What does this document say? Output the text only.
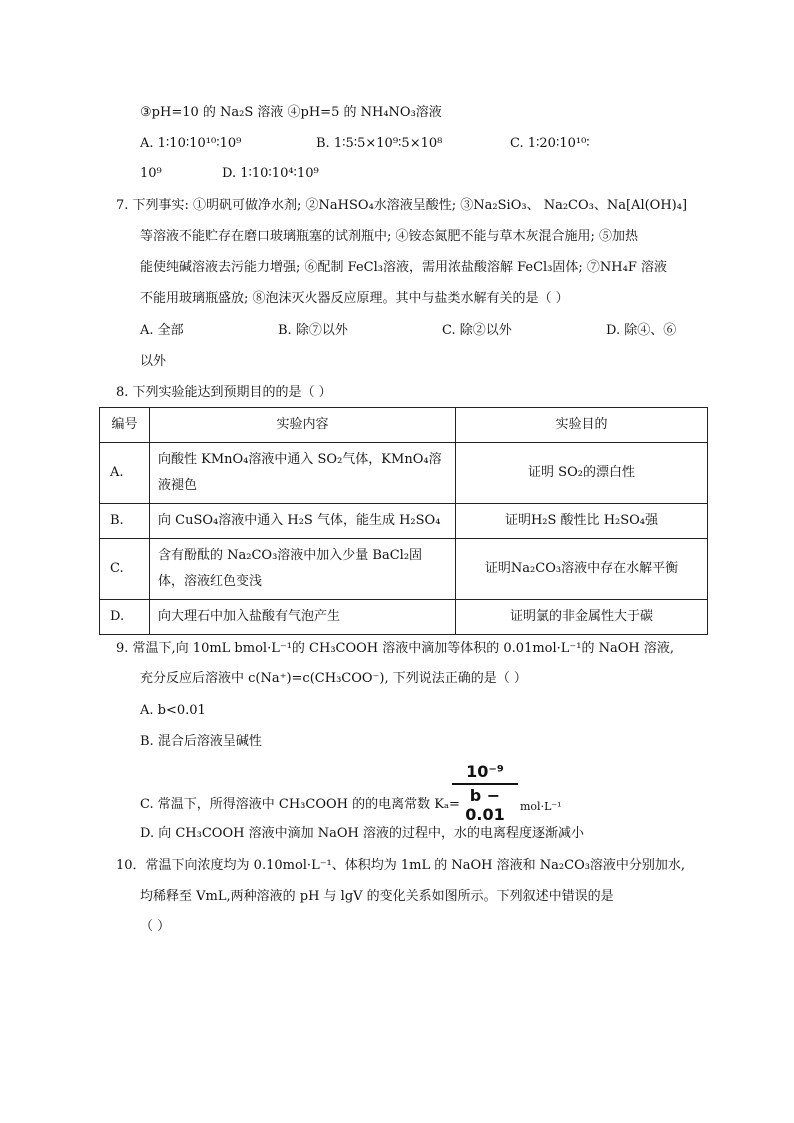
③pH=10 的 Na₂S 溶液 ④pH=5 的 NH₄NO₃溶液
A. 1∶10∶10¹⁰∶10⁹	B. 1∶5∶5×10⁹∶5×10⁸	C. 1∶20∶10¹⁰∶
10⁹	D. 1∶10∶10⁴∶10⁹
7. 下列事实: ①明矾可做净水剂; ②NaHSO₄水溶液呈酸性; ③Na₂SiO₃、 Na₂CO₃、Na[Al(OH)₄]
等溶液不能贮存在磨口玻璃瓶塞的试剂瓶中; ④铵态氮肥不能与草木灰混合施用; ⑤加热
能使纯碱溶液去污能力增强; ⑥配制 FeCl₃溶液，需用浓盐酸溶解 FeCl₃固体; ⑦NH₄F 溶液
不能用玻璃瓶盛放; ⑧泡沫灭火器反应原理。其中与盐类水解有关的是（ ）
A. 全部	B. 除⑦以外	C. 除②以外	D. 除④、⑥
以外
8. 下列实验能达到预期目的的是（ ）
编号	实验内容	实验目的
A.	向酸性 KMnO₄溶液中通入 SO₂气体，KMnO₄溶液褪色	证明 SO₂的漂白性
B.	向 CuSO₄溶液中通入 H₂S 气体，能生成 H₂SO₄	证明H₂S 酸性比 H₂SO₄强
C.	含有酚酞的 Na₂CO₃溶液中加入少量 BaCl₂固体，溶液红色变浅	证明Na₂CO₃溶液中存在水解平衡
D.	向大理石中加入盐酸有气泡产生	证明氯的非金属性大于碳
9. 常温下,向 10mL bmol·L⁻¹的 CH₃COOH 溶液中滴加等体积的 0.01mol·L⁻¹的 NaOH 溶液,
充分反应后溶液中 c(Na⁺)=c(CH₃COO⁻), 下列说法正确的是（ ）
A. b<0.01
B. 混合后溶液呈碱性
C. 常温下，所得溶液中 CH₃COOH 的的电离常数 Kₐ=
$\frac{\text{10⁻⁹}}{b - 0.01} mol\cdot L^{-1}$
D. 向 CH₃COOH 溶液中滴加 NaOH 溶液的过程中，水的电离程度逐渐减小
10．常温下向浓度均为 0.10mol·L⁻¹、体积均为 1mL 的 NaOH 溶液和 Na₂CO₃溶液中分别加水,
均稀释至 VmL,两种溶液的 pH 与 lgV 的变化关系如图所示。下列叙述中错误的是
（ ）
